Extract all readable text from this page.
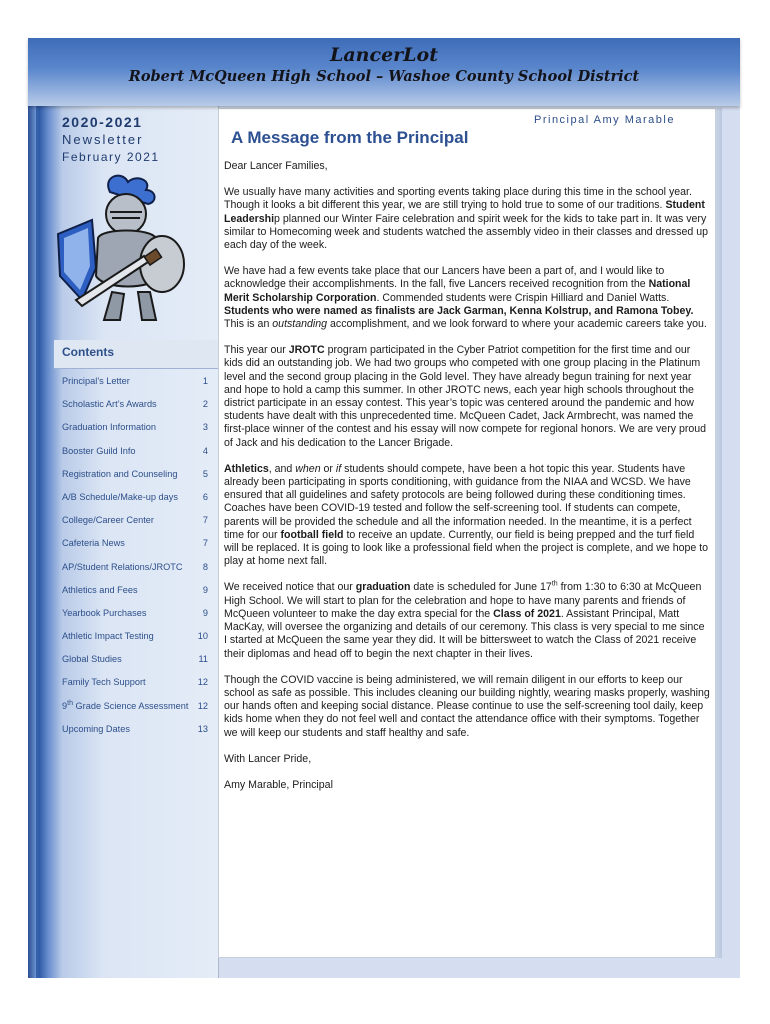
LancerLot
Robert McQueen High School – Washoe County School District
2020-2021
Newsletter
February 2021
Contents
Principal’s Letter	1
Scholastic Art’s Awards	2
Graduation Information	3
Booster Guild Info	4
Registration and Counseling	5
A/B Schedule/Make-up days	6
College/Career Center	7
Cafeteria News	7
AP/Student Relations/JROTC 8
Athletics and Fees	9
Yearbook Purchases	9
Athletic Impact Testing	10
Global Studies	11
Family Tech Support	12
9th Grade Science Assessment 12
Upcoming Dates	13
Principal Amy Marable
A Message from the Principal

Dear Lancer Families,

We usually have many activities and sporting events taking place during this time in the school year. Though it looks a bit different this year, we are still trying to hold true to some of our traditions. Student Leadership planned our Winter Faire celebration and spirit week for the kids to take part in. It was very similar to Homecoming week and students watched the assembly video in their classes and dressed up each day of the week.

We have had a few events take place that our Lancers have been a part of, and I would like to acknowledge their accomplishments. In the fall, five Lancers received recognition from the National Merit Scholarship Corporation. Commended students were Crispin Hilliard and Daniel Watts. Students who were named as finalists are Jack Garman, Kenna Kolstrup, and Ramona Tobey. This is an outstanding accomplishment, and we look forward to where your academic careers take you.

This year our JROTC program participated in the Cyber Patriot competition for the first time and our kids did an outstanding job. We had two groups who competed with one group placing in the Platinum level and the second group placing in the Gold level. They have already begun training for next year and hope to hold a camp this summer. In other JROTC news, each year high schools throughout the district participate in an essay contest. This year’s topic was centered around the pandemic and how students have dealt with this unprecedented time. McQueen Cadet, Jack Armbrecht, was named the first-place winner of the contest and his essay will now compete for regional honors. We are very proud of Jack and his dedication to the Lancer Brigade.

Athletics, and when or if students should compete, have been a hot topic this year. Students have already been participating in sports conditioning, with guidance from the NIAA and WCSD. We have ensured that all guidelines and safety protocols are being followed during these conditioning times. Coaches have been COVID-19 tested and follow the self-screening tool. If students can compete, parents will be provided the schedule and all the information needed. In the meantime, it is a perfect time for our football field to receive an update. Currently, our field is being prepped and the turf field will be replaced. It is going to look like a professional field when the project is complete, and we hope to play at home next fall.

We received notice that our graduation date is scheduled for June 17th from 1:30 to 6:30 at McQueen High School. We will start to plan for the celebration and hope to have many parents and friends of McQueen volunteer to make the day extra special for the Class of 2021. Assistant Principal, Matt MacKay, will oversee the organizing and details of our ceremony. This class is very special to me since I started at McQueen the same year they did. It will be bittersweet to watch the Class of 2021 receive their diplomas and head off to begin the next chapter in their lives.

Though the COVID vaccine is being administered, we will remain diligent in our efforts to keep our school as safe as possible. This includes cleaning our building nightly, wearing masks properly, washing our hands often and keeping social distance. Please continue to use the self-screening tool daily, keep kids home when they do not feel well and contact the attendance office with their symptoms. Together we will keep our students and staff healthy and safe.

With Lancer Pride,

Amy Marable, Principal
